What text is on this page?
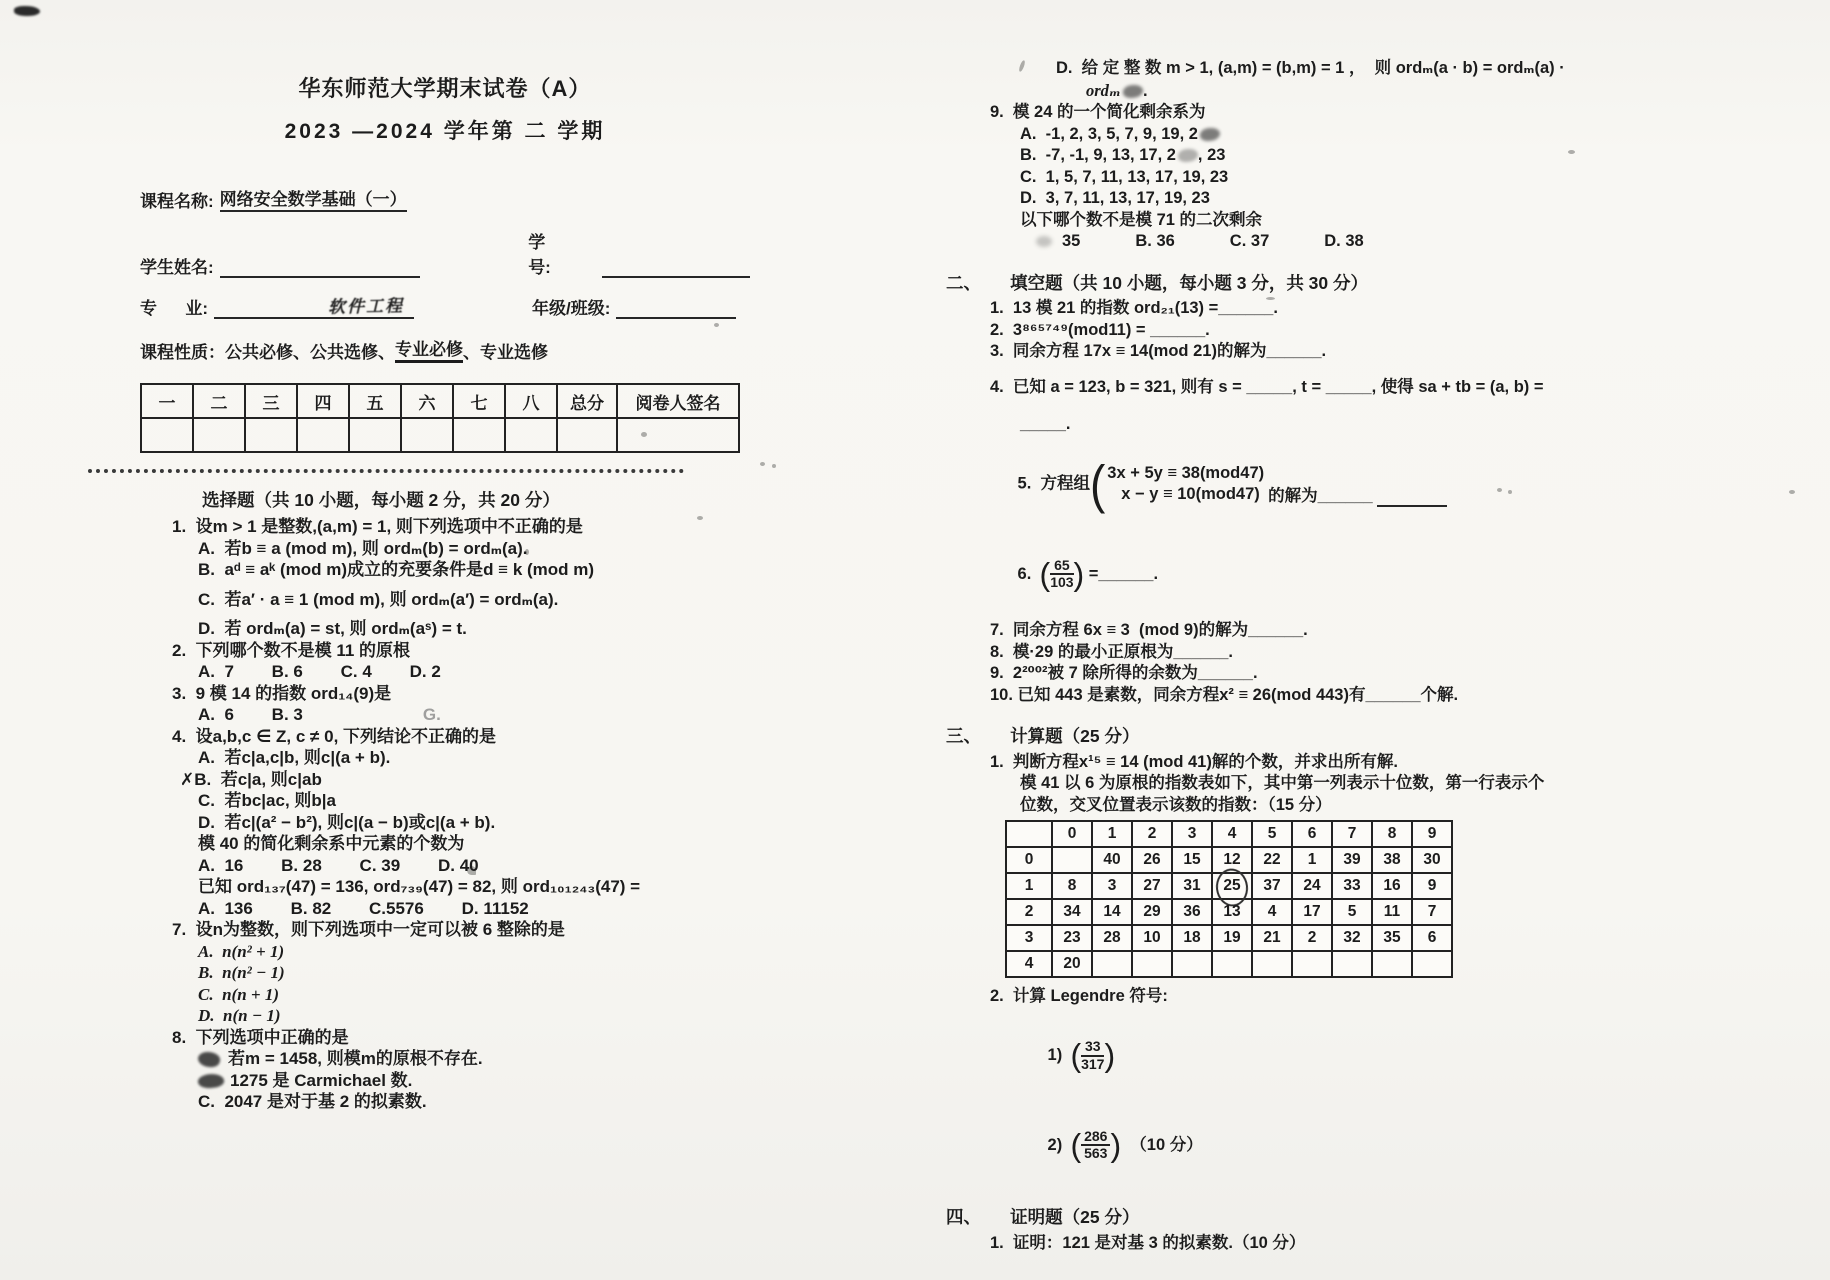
华东师范大学期末试卷（A）
2023 —2024 学年第 二 学期
课程名称: 网络安全数学基础（一）
学生姓名:
学      号:
专      业:	软件工程	年级/班级:
课程性质：公共必修、公共选修、 专业必修 、专业选修
一	二	三	四	五	六	七	八	总分	阅卷人签名

选择题（共 10 小题，每小题 2 分，共 20 分）
1.  设m > 1 是整数,(a,m) = 1, 则下列选项中不正确的是
A.  若b ≡ a (mod m), 则 ordₘ(b) = ordₘ(a).
B.  aᵈ ≡ aᵏ (mod m)成立的充要条件是d ≡ k (mod m)
C.  若a′ · a ≡ 1 (mod m), 则 ordₘ(a′) = ordₘ(a).
D.  若 ordₘ(a) = st, 则 ordₘ(aˢ) = t.
2.  下列哪个数不是模 11 的原根
A.  7        B. 6        C. 4        D. 2
3.  9 模 14 的指数 ord₁₄(9)是
A.  6        B. 3	G.
4.  设a,b,c ∈ Z, c ≠ 0, 下列结论不正确的是
A.  若c|a,c|b, 则c|(a + b).
✗B.  若c|a, 则c|ab
C.  若bc|ac, 则b|a
D.  若c|(a² − b²), 则c|(a − b)或c|(a + b).
模 40 的简化剩余系中元素的个数为
A.  16        B. 28        C. 39        D. 40
已知 ord₁₃₇(47) = 136, ord₇₃₉(47) = 82, 则 ord₁₀₁₂₄₃(47) =
A.  136        B. 82        C.5576        D. 11152
7.  设n为整数，则下列选项中一定可以被 6 整除的是
A.  n(n² + 1)
B.  n(n² − 1)
C.  n(n + 1)
D.  n(n − 1)
8.  下列选项中正确的是
若m = 1458, 则模m的原根不存在.
1275 是 Carmichael 数.
C.  2047 是对于基 2 的拟素数.
D.  给 定 整 数 m > 1, (a,m) = (b,m) = 1 ，  则 ordₘ(a · b) = ordₘ(a) ·
ordₘ .
9.  模 24 的一个简化剩余系为
A.  -1, 2, 3, 5, 7, 9, 19, 2
B.  -7, -1, 9, 13, 17, 2 , 23
C.  1, 5, 7, 11, 13, 17, 19, 23
D.  3, 7, 11, 13, 17, 19, 23
以下哪个数不是模 71 的二次剩余
35            B. 36            C. 37            D. 38
二、      填空题（共 10 小题，每小题 3 分，共 30 分）
1.  13 模 21 的指数 ord₂₁(13) =______.
2.  3⁸⁶⁵⁷⁴⁹(mod11) = ______.
3.  同余方程 17x ≡ 14(mod 21)的解为______.
4.  已知 a = 123, b = 321, 则有 s = _____, t = _____, 使得 sa + tb = (a, b) =
_____.

5.  方程组 ( 3x + 5y ≡ 38(mod47)
x − y ≡ 10(mod47) 的解为______

6.  ( $\frac{65}{103}$ ) =______.

7.  同余方程 6x ≡ 3  (mod 9)的解为______.
8.  模·29 的最小正原根为______.
9.  2²⁰⁰²被 7 除所得的余数为______.
10. 已知 443 是素数，同余方程x² ≡ 26(mod 443)有______个解.
三、      计算题（25 分）
1.  判断方程x¹⁵ ≡ 14 (mod 41)解的个数，并求出所有解.
模 41 以 6 为原根的指数表如下，其中第一列表示十位数，第一行表示个
位数，交叉位置表示该数的指数：（15 分）
	0	1	2	3	4	5	6	7	8	9
0		40	26	15	12	22	1	39	38	30
1	8	3	27	31	25	37	24	33	16	9
2	34	14	29	36	13	4	17	5	11	7
3	23	28	10	18	19	21	2	32	35	6
4	20									
2.  计算 Legendre 符号:

1)  ( $\frac{33}{317}$ )

2)  ( $\frac{286}{563}$ )  （10 分）

四、      证明题（25 分）
1.  证明：121 是对基 3 的拟素数.（10 分）
